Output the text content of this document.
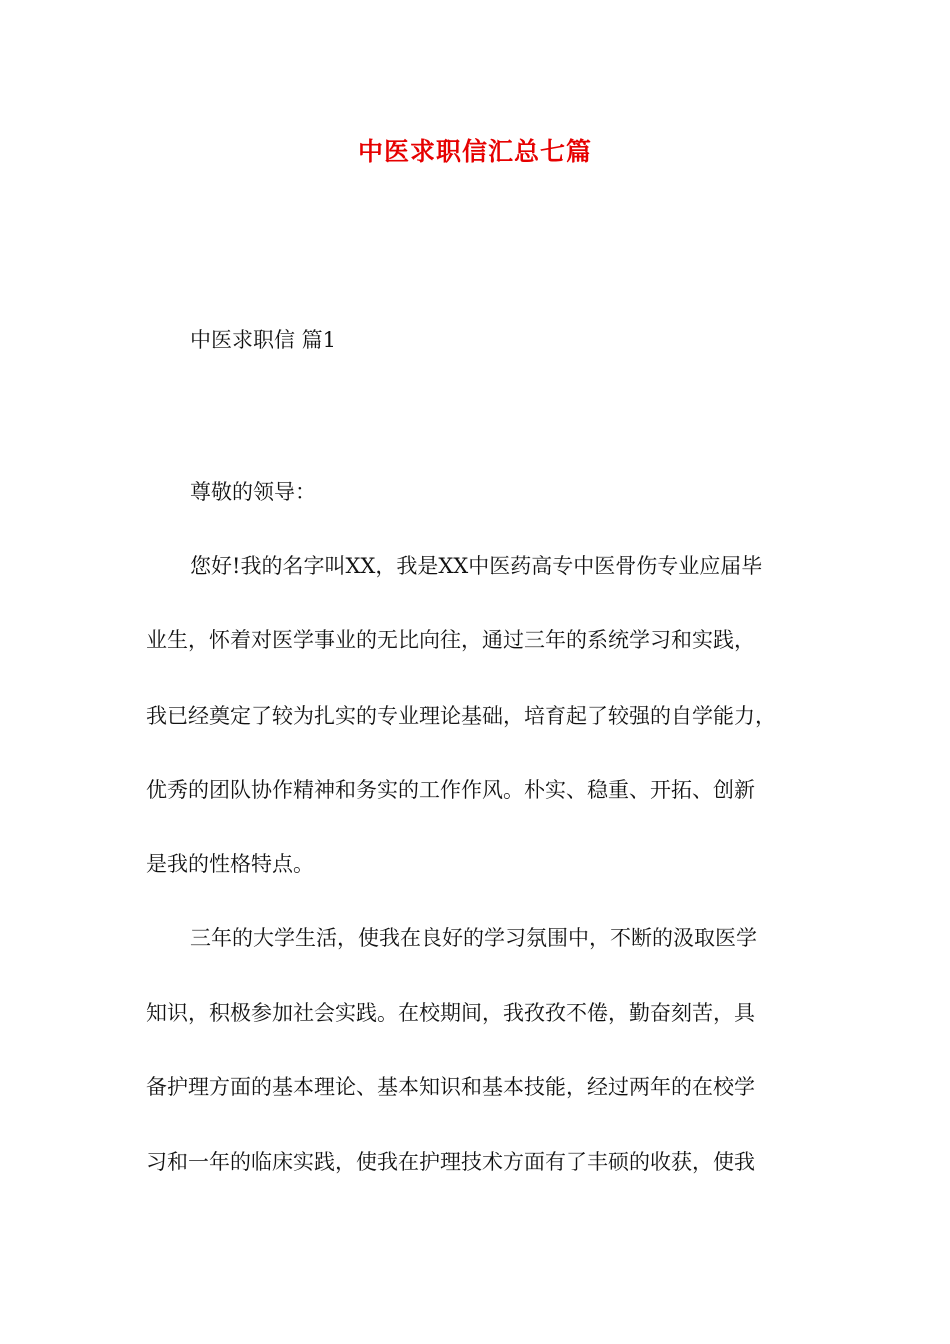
中医求职信汇总七篇
中医求职信 篇1
尊敬的领导：
您好!我的名字叫XX，我是XX中医药高专中医骨伤专业应届毕
业生，怀着对医学事业的无比向往，通过三年的系统学习和实践，
我已经奠定了较为扎实的专业理论基础，培育起了较强的自学能力，
优秀的团队协作精神和务实的工作作风。朴实、稳重、开拓、创新
是我的性格特点。
三年的大学生活，使我在良好的学习氛围中，不断的汲取医学
知识，积极参加社会实践。在校期间，我孜孜不倦，勤奋刻苦，具
备护理方面的基本理论、基本知识和基本技能，经过两年的在校学
习和一年的临床实践，使我在护理技术方面有了丰硕的收获，使我
